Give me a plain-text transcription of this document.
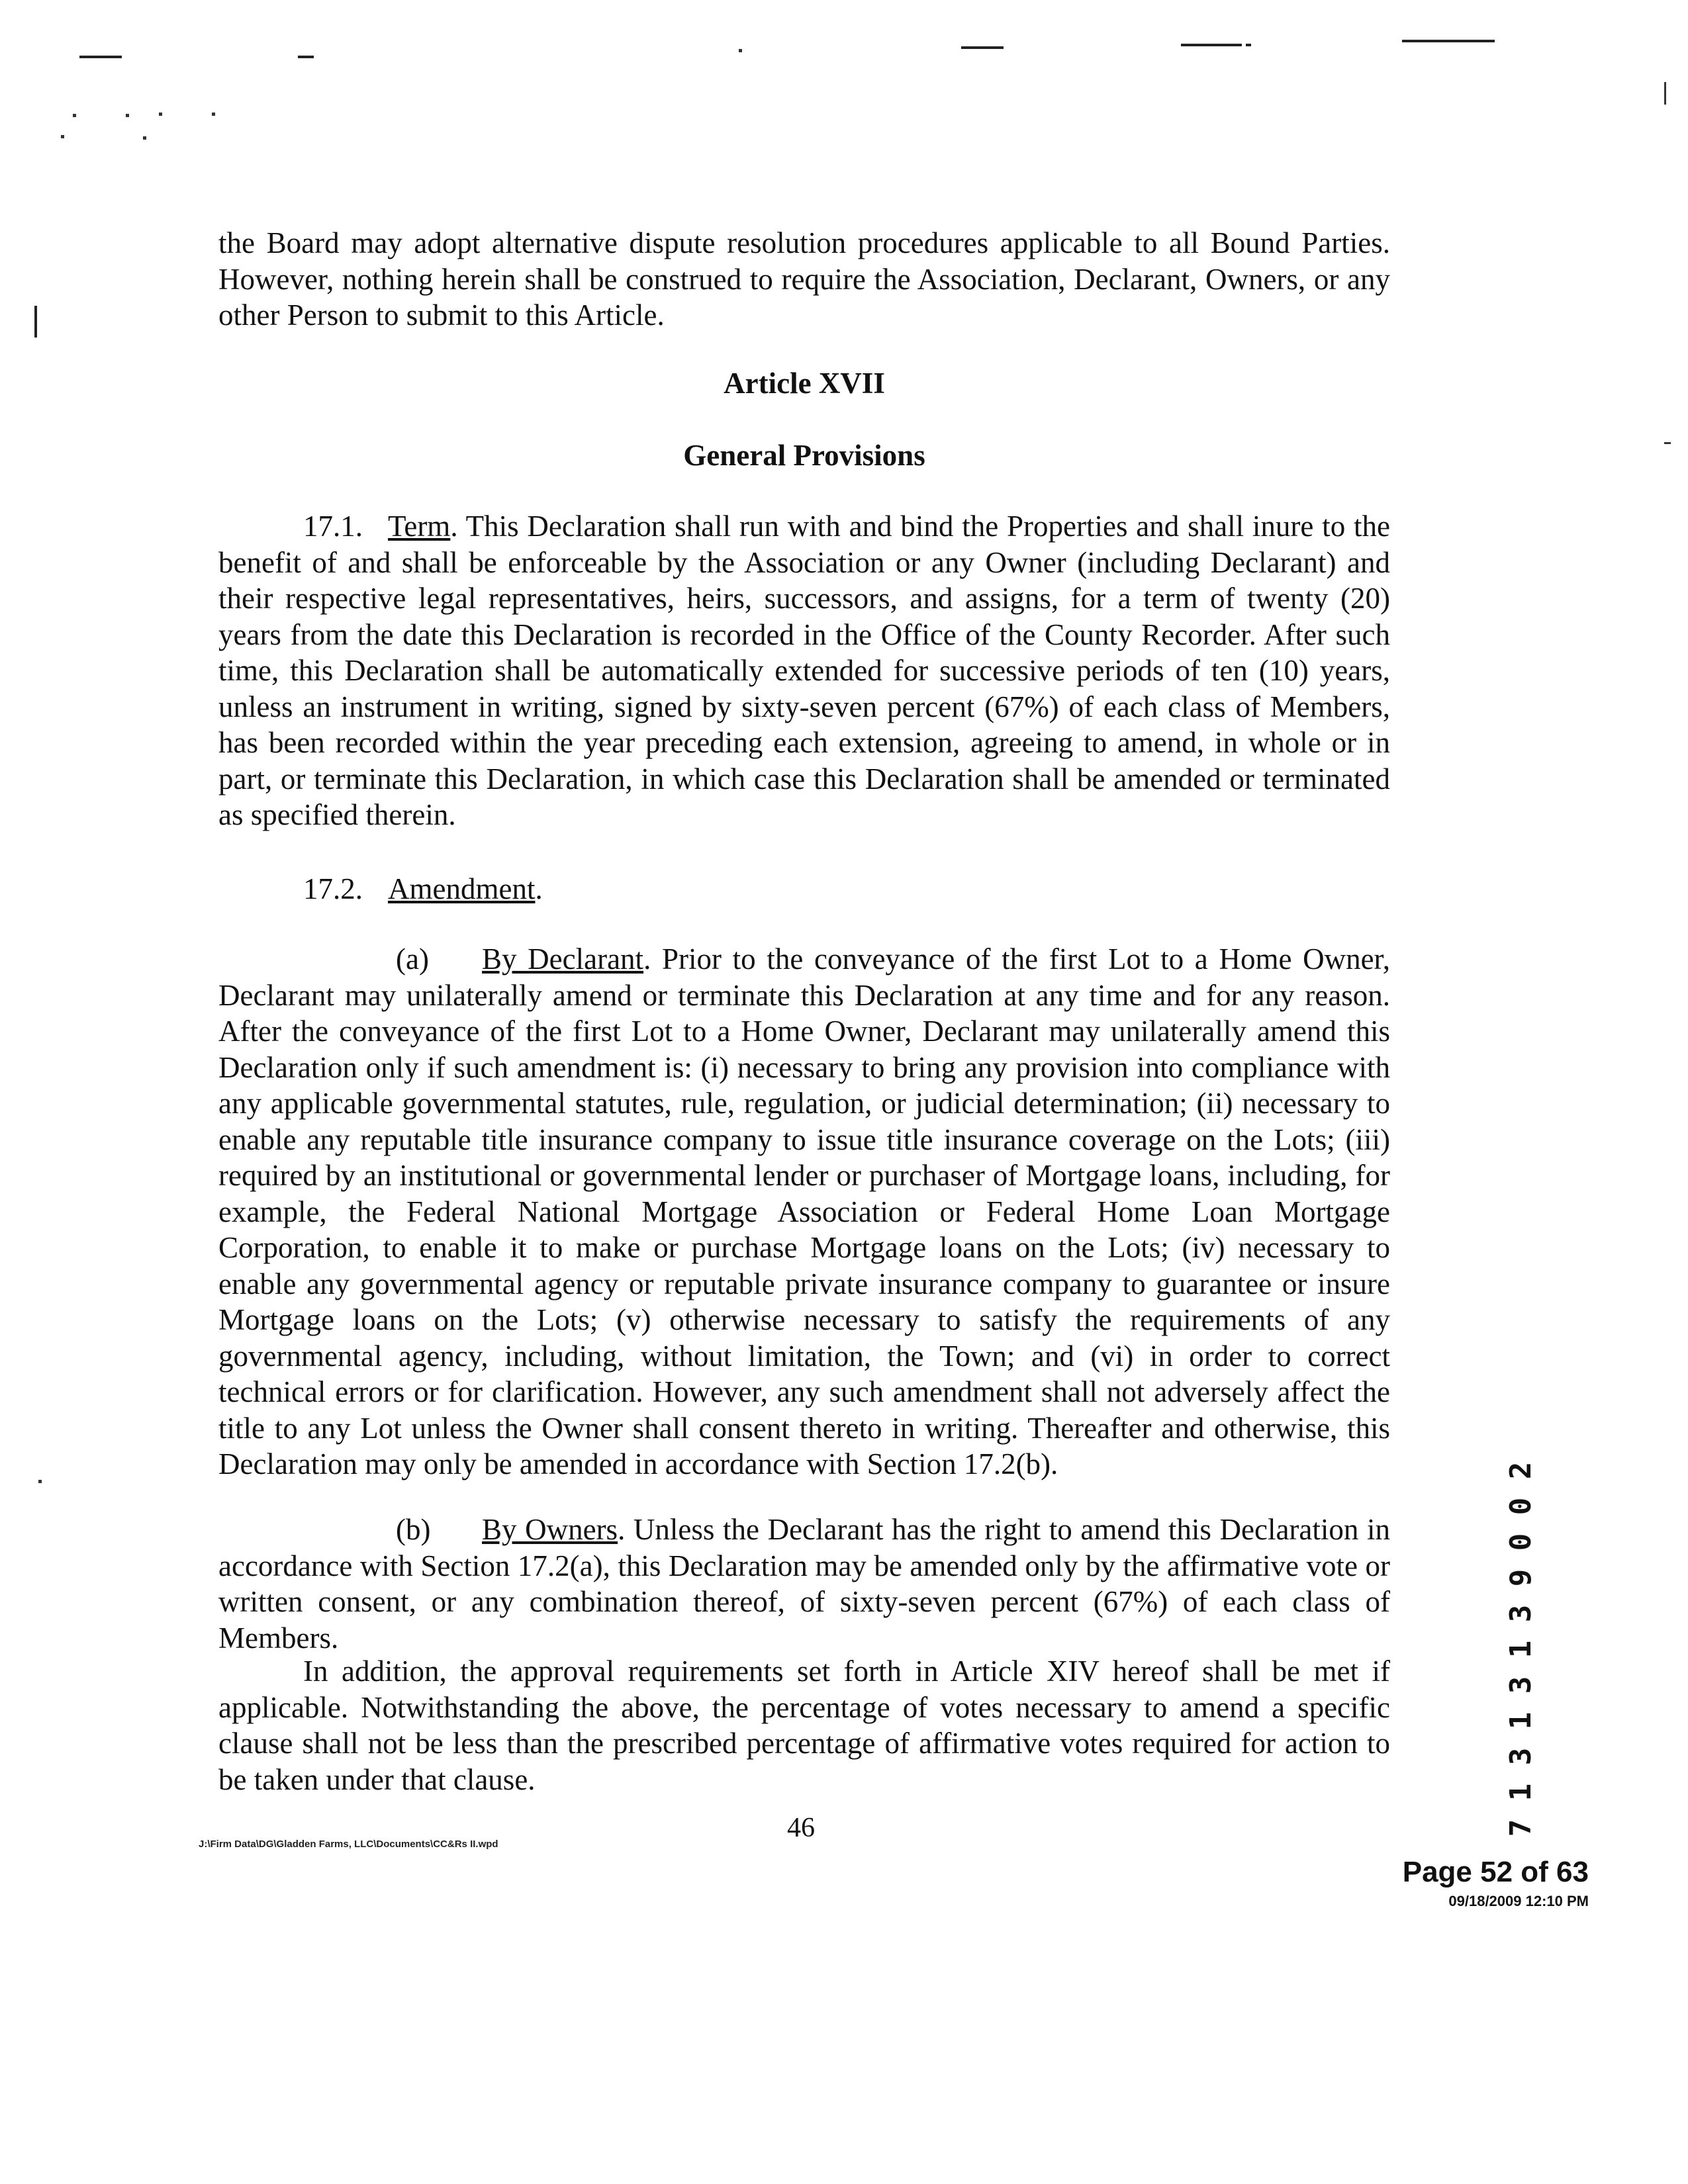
the Board may adopt alternative dispute resolution procedures applicable to all Bound Parties. However, nothing herein shall be construed to require the Association, Declarant, Owners, or any other Person to submit to this Article.

Article XVII

General Provisions

17.1. Term. This Declaration shall run with and bind the Properties and shall inure to the benefit of and shall be enforceable by the Association or any Owner (including Declarant) and their respective legal representatives, heirs, successors, and assigns, for a term of twenty (20) years from the date this Declaration is recorded in the Office of the County Recorder. After such time, this Declaration shall be automatically extended for successive periods of ten (10) years, unless an instrument in writing, signed by sixty-seven percent (67%) of each class of Members, has been recorded within the year preceding each extension, agreeing to amend, in whole or in part, or terminate this Declaration, in which case this Declaration shall be amended or terminated as specified therein.

17.2. Amendment.

(a) By Declarant. Prior to the conveyance of the first Lot to a Home Owner, Declarant may unilaterally amend or terminate this Declaration at any time and for any reason. After the conveyance of the first Lot to a Home Owner, Declarant may unilaterally amend this Declaration only if such amendment is: (i) necessary to bring any provision into compliance with any applicable governmental statutes, rule, regulation, or judicial determination; (ii) necessary to enable any reputable title insurance company to issue title insurance coverage on the Lots; (iii) required by an institutional or governmental lender or purchaser of Mortgage loans, including, for example, the Federal National Mortgage Association or Federal Home Loan Mortgage Corporation, to enable it to make or purchase Mortgage loans on the Lots; (iv) necessary to enable any governmental agency or reputable private insurance company to guarantee or insure Mortgage loans on the Lots; (v) otherwise necessary to satisfy the requirements of any governmental agency, including, without limitation, the Town; and (vi) in order to correct technical errors or for clarification. However, any such amendment shall not adversely affect the title to any Lot unless the Owner shall consent thereto in writing. Thereafter and otherwise, this Declaration may only be amended in accordance with Section 17.2(b).

(b) By Owners. Unless the Declarant has the right to amend this Declaration in accordance with Section 17.2(a), this Declaration may be amended only by the affirmative vote or written consent, or any combination thereof, of sixty-seven percent (67%) of each class of Members.

In addition, the approval requirements set forth in Article XIV hereof shall be met if applicable. Notwithstanding the above, the percentage of votes necessary to amend a specific clause shall not be less than the prescribed percentage of affirmative votes required for action to be taken under that clause.

J:\Firm Data\DG\Gladden Farms, LLC\Documents\CC&Rs II.wpd
46
2
0
0
9
3
1
3
1
3
1
7
Page 52 of 63
09/18/2009 12:10 PM
